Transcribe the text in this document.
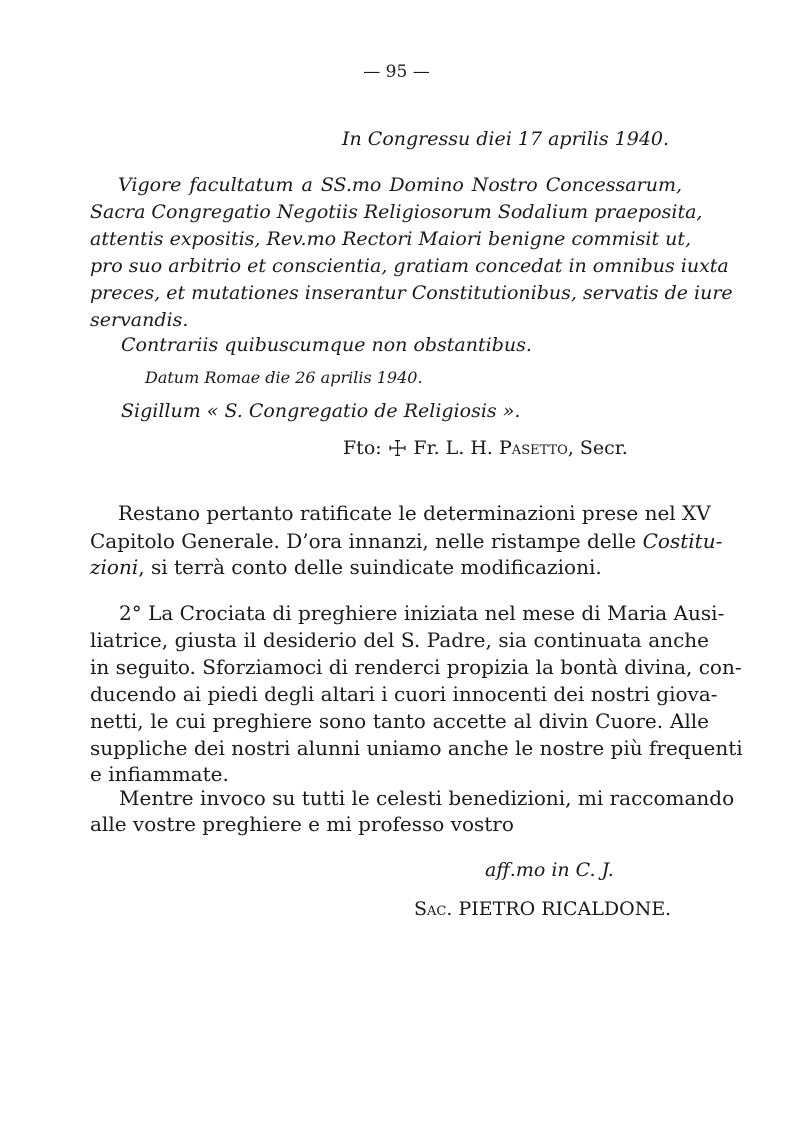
— 95 —
In Congressu diei 17 aprilis 1940.
Vigore facultatum a SS.mo Domino Nostro Concessarum,
Sacra Congregatio Negotiis Religiosorum Sodalium praeposita,
attentis expositis, Rev.mo Rectori Maiori benigne commisit ut,
pro suo arbitrio et conscientia, gratiam concedat in omnibus iuxta
preces, et mutationes inserantur Constitutionibus, servatis de iure
servandis.
Contrariis quibuscumque non obstantibus.
Datum Romae die 26 aprilis 1940.
Sigillum « S. Congregatio de Religiosis ».
Fto: ☩ Fr. L. H. Pasetto, Secr.
Restano pertanto ratificate le determinazioni prese nel XV
Capitolo Generale. D’ora innanzi, nelle ristampe delle Costitu-
zioni, si terrà conto delle suindicate modificazioni.
2° La Crociata di preghiere iniziata nel mese di Maria Ausi-
liatrice, giusta il desiderio del S. Padre, sia continuata anche
in seguito. Sforziamoci di renderci propizia la bontà divina, con-
ducendo ai piedi degli altari i cuori innocenti dei nostri giova-
netti, le cui preghiere sono tanto accette al divin Cuore. Alle
suppliche dei nostri alunni uniamo anche le nostre più frequenti
e infiammate.
Mentre invoco su tutti le celesti benedizioni, mi raccomando
alle vostre preghiere e mi professo vostro
aff.mo in C. J.
Sac. PIETRO RICALDONE.
